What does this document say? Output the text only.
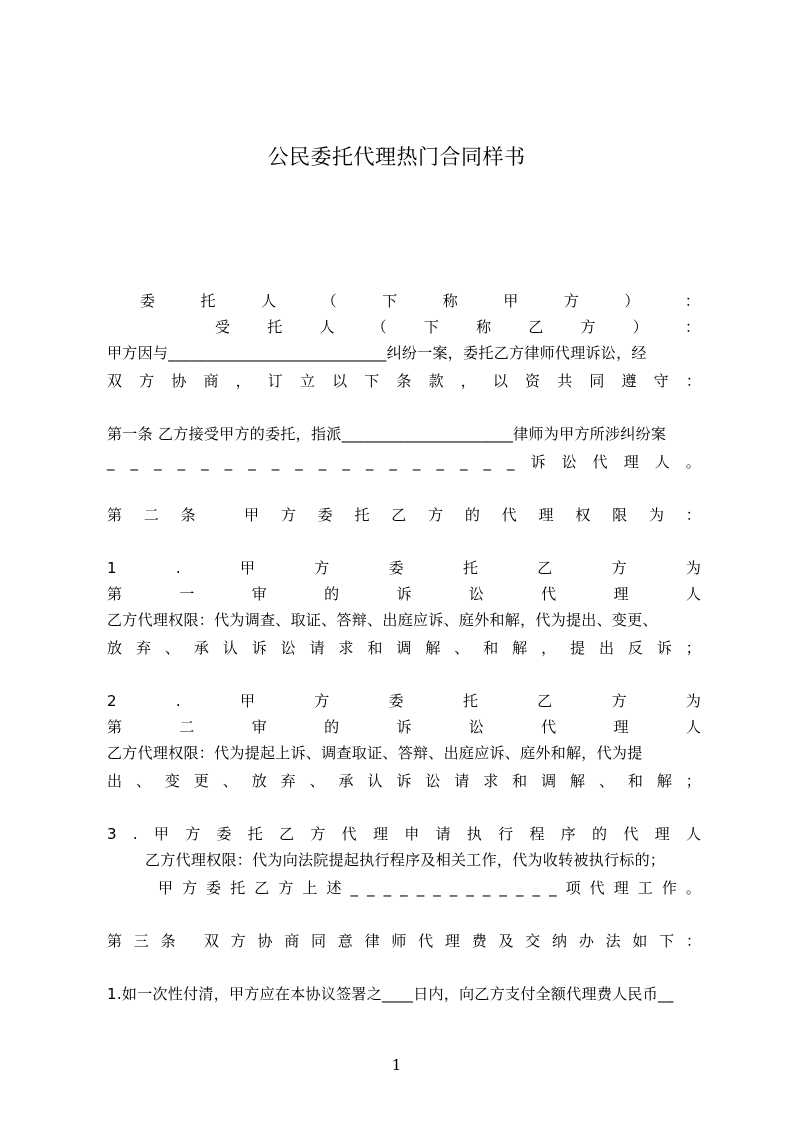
公民委托代理热门合同样书
委	托	人	（	下	称	甲	方	）	：
受 托 人 （ 下 称 乙 方 ） ：
甲方因与____________________________纠纷一案，委托乙方律师代理诉讼，经
双 方 协 商 ， 订 立 以 下 条 款 ， 以 资 共 同 遵 守 ：
第一条 乙方接受甲方的委托，指派______________________律师为甲方所涉纠纷案
_ _ _ _ _ _ _ _ _ _ _ _ _ _ _ _ _ _ 诉 讼 代 理 人 。
第 二 条
	甲 方 委 托 乙 方 的 代 理 权 限 为 ：
1	.	甲	方	委	托	乙	方	为
第	一	审	的	诉	讼	代	理	人
乙方代理权限：代为调查、取证、答辩、出庭应诉、庭外和解，代为提出、变更、
放 弃 、 承 认 诉 讼 请 求 和 调 解 、 和 解 ， 提 出 反 诉 ；
2	.	甲	方	委	托	乙	方	为
第	二	审	的	诉	讼	代	理	人
乙方代理权限：代为提起上诉、调查取证、答辩、出庭应诉、庭外和解，代为提
出 、 变 更 、 放 弃 、 承 认 诉 讼 请 求 和 调 解 、 和 解 ；
3 . 甲 方 委 托 乙 方 代 理 申 请 执 行 程 序 的 代 理 人
乙方代理权限：代为向法院提起执行程序及相关工作，代为收转被执行标的；
甲 方 委 托 乙 方 上 述 _ _ _ _ _ _ _ _ _ _ _ _ _ 项 代 理 工 作 。
第 三 条
双 方 协 商 同 意 律 师 代 理 费 及 交 纳 办 法 如 下 ：
1.如一次性付清，甲方应在本协议签署之____日内，向乙方支付全额代理费人民币__
1
